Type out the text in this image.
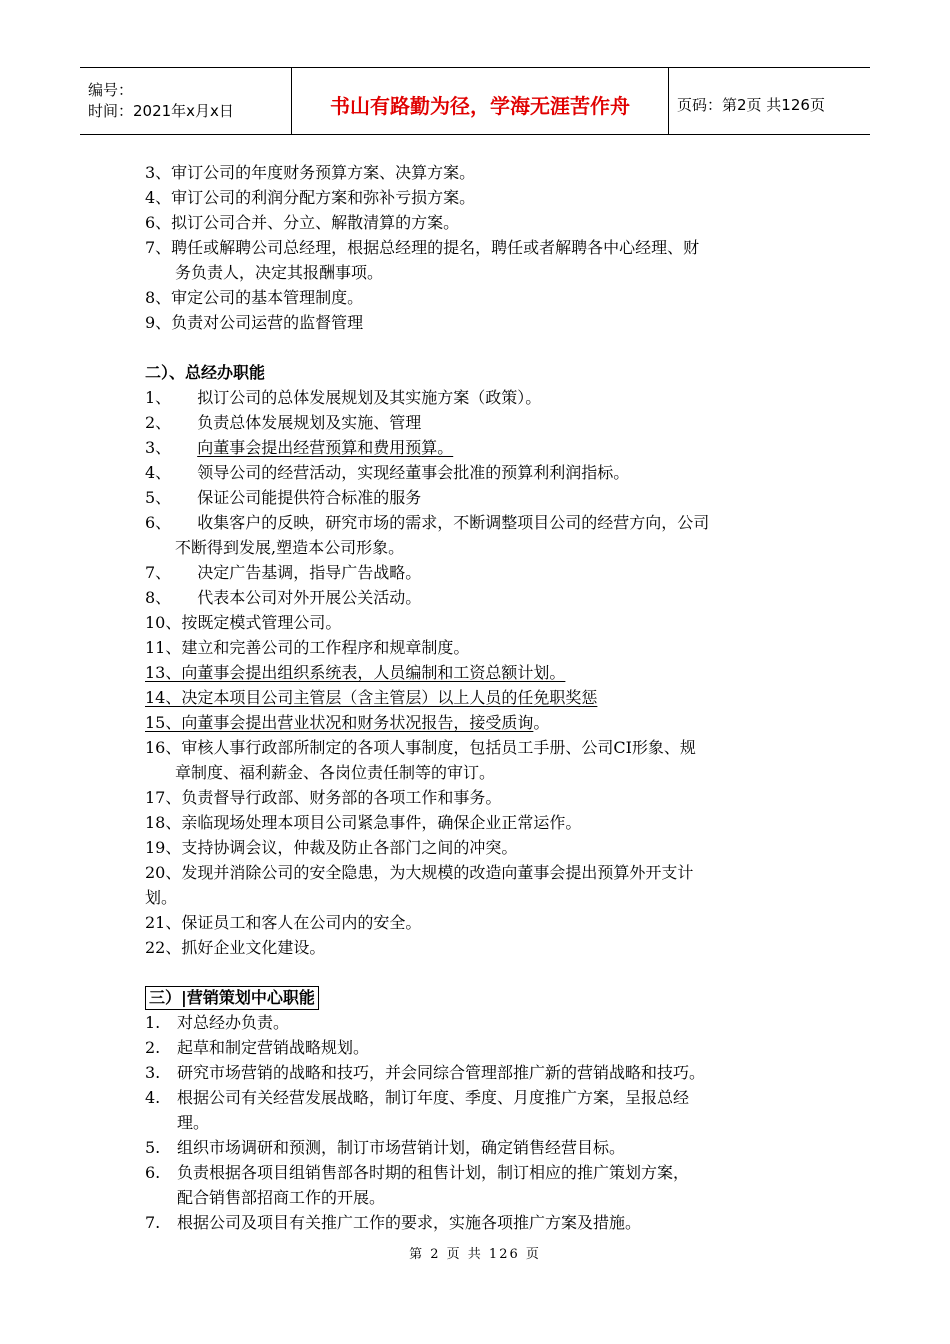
编号：
时间：2021年x月x日	书山有路勤为径，学海无涯苦作舟	页码：第2页 共126页

3、审订公司的年度财务预算方案、决算方案。

4、审订公司的利润分配方案和弥补亏损方案。

6、拟订公司合并、分立、解散清算的方案。

7、聘任或解聘公司总经理，根据总经理的提名，聘任或者解聘各中心经理、财

务负责人，决定其报酬事项。

8、审定公司的基本管理制度。

9、负责对公司运营的监督管理

二）、总经办职能

1、 拟订公司的总体发展规划及其实施方案（政策）。

2、 负责总体发展规划及实施、管理

3、 向董事会提出经营预算和费用预算。

4、 领导公司的经营活动，实现经董事会批准的预算利利润指标。

5、 保证公司能提供符合标准的服务

6、 收集客户的反映，研究市场的需求，不断调整项目公司的经营方向，公司

不断得到发展,塑造本公司形象。

7、 决定广告基调，指导广告战略。

8、 代表本公司对外开展公关活动。

10、按既定模式管理公司。

11、建立和完善公司的工作程序和规章制度。

13、向董事会提出组织系统表，人员编制和工资总额计划。

14、决定本项目公司主管层（含主管层）以上人员的任免职奖惩

15、向董事会提出营业状况和财务状况报告，接受质询。

16、审核人事行政部所制定的各项人事制度，包括员工手册、公司CI形象、规

章制度、福利薪金、各岗位责任制等的审订。

17、负责督导行政部、财务部的各项工作和事务。

18、亲临现场处理本项目公司紧急事件，确保企业正常运作。

19、支持协调会议，仲裁及防止各部门之间的冲突。

20、发现并消除公司的安全隐患，为大规模的改造向董事会提出预算外开支计

划。

21、保证员工和客人在公司内的安全。

22、抓好企业文化建设。

三）|营销策划中心职能

1. 对总经办负责。

2. 起草和制定营销战略规划。

3. 研究市场营销的战略和技巧，并会同综合管理部推广新的营销战略和技巧。

4. 根据公司有关经营发展战略，制订年度、季度、月度推广方案，呈报总经

理。

5. 组织市场调研和预测，制订市场营销计划，确定销售经营目标。

6. 负责根据各项目组销售部各时期的租售计划，制订相应的推广策划方案，

配合销售部招商工作的开展。

7. 根据公司及项目有关推广工作的要求，实施各项推广方案及措施。

第 2 页 共 126 页
